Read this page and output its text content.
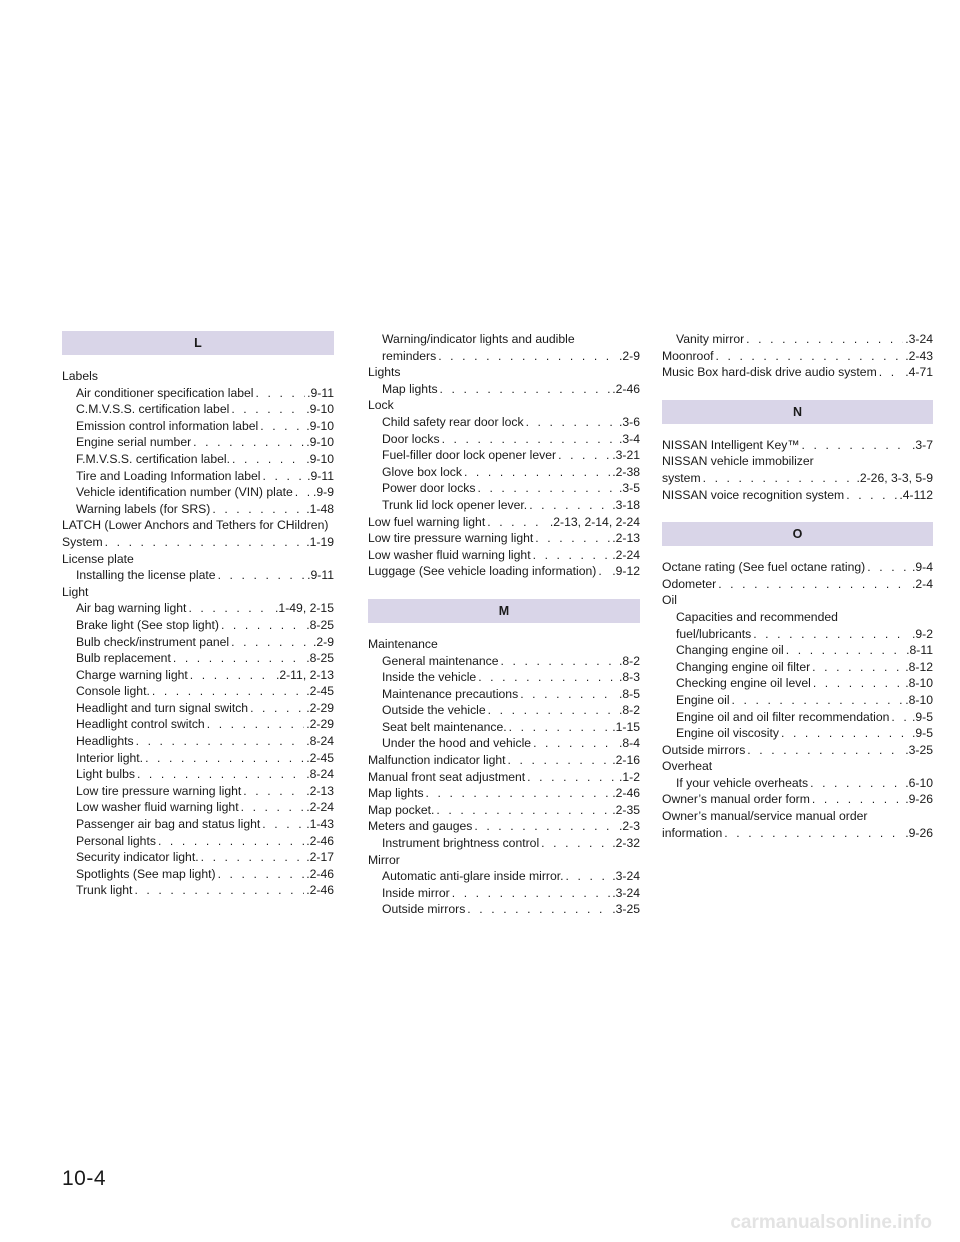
L
Labels
Air conditioner specification label . . .	.9-11
C.M.V.S.S. certification label . . .	.9-10
Emission control information label . . .	.9-10
Engine serial number . . .	.9-10
F.M.V.S.S. certification label. . . .	.9-10
Tire and Loading Information label . . .	.9-11
Vehicle identification number (VIN) plate . . . .9-9
Warning labels (for SRS) . . .	.1-48
LATCH (Lower Anchors and Tethers for CHildren)
System . . .	.1-19
License plate
Installing the license plate . . .	.9-11
Light
Air bag warning light . . .	.1-49, 2-15
Brake light (See stop light) . . .	.8-25
Bulb check/instrument panel . . .	.2-9
Bulb replacement . . .	.8-25
Charge warning light . . .	.2-11, 2-13
Console light. . . .	.2-45
Headlight and turn signal switch . . .	.2-29
Headlight control switch . . .	.2-29
Headlights . . .	.8-24
Interior light. . . .	.2-45
Light bulbs . . .	.8-24
Low tire pressure warning light . . .	.2-13
Low washer fluid warning light . . .	.2-24
Passenger air bag and status light . . .	.1-43
Personal lights . . .	.2-46
Security indicator light. . . .	.2-17
Spotlights (See map light) . . .	.2-46
Trunk light . . .	.2-46
Warning/indicator lights and audible
reminders . . .	.2-9
Lights
Map lights . . .	.2-46
Lock
Child safety rear door lock . . .	.3-6
Door locks . . .	.3-4
Fuel-filler door lock opener lever . . .	.3-21
Glove box lock . . .	.2-38
Power door locks . . .	.3-5
Trunk lid lock opener lever. . . .	.3-18
Low fuel warning light . . .	.2-13, 2-14, 2-24
Low tire pressure warning light . . .	.2-13
Low washer fluid warning light . . .	.2-24
Luggage (See vehicle loading information) . . . .9-12
M
Maintenance
General maintenance . . .	.8-2
Inside the vehicle . . .	.8-3
Maintenance precautions . . .	.8-5
Outside the vehicle . . .	.8-2
Seat belt maintenance. . . .	.1-15
Under the hood and vehicle . . .	.8-4
Malfunction indicator light . . .	.2-16
Manual front seat adjustment . . .	.1-2
Map lights . . .	.2-46
Map pocket. . . .	.2-35
Meters and gauges . . .	.2-3
Instrument brightness control . . .	.2-32
Mirror
Automatic anti-glare inside mirror. . . .	.3-24
Inside mirror . . .	.3-24
Outside mirrors . . .	.3-25
Vanity mirror . . .	.3-24
Moonroof . . .	.2-43
Music Box hard-disk drive audio system . . . .4-71
N
NISSAN Intelligent Key™ . . .	.3-7
NISSAN vehicle immobilizer
system . . .	.2-26, 3-3, 5-9
NISSAN voice recognition system . . .	.4-112
O
Octane rating (See fuel octane rating) . . .	.9-4
Odometer . . .	.2-4
Oil
Capacities and recommended
fuel/lubricants . . .	.9-2
Changing engine oil . . .	.8-11
Changing engine oil filter . . .	.8-12
Checking engine oil level . . .	.8-10
Engine oil . . .	.8-10
Engine oil and oil filter recommendation . . . .9-5
Engine oil viscosity . . .	.9-5
Outside mirrors . . .	.3-25
Overheat
If your vehicle overheats . . .	.6-10
Owner’s manual order form . . .	.9-26
Owner’s manual/service manual order
information . . .	.9-26
10-4
carmanualsonline.info
